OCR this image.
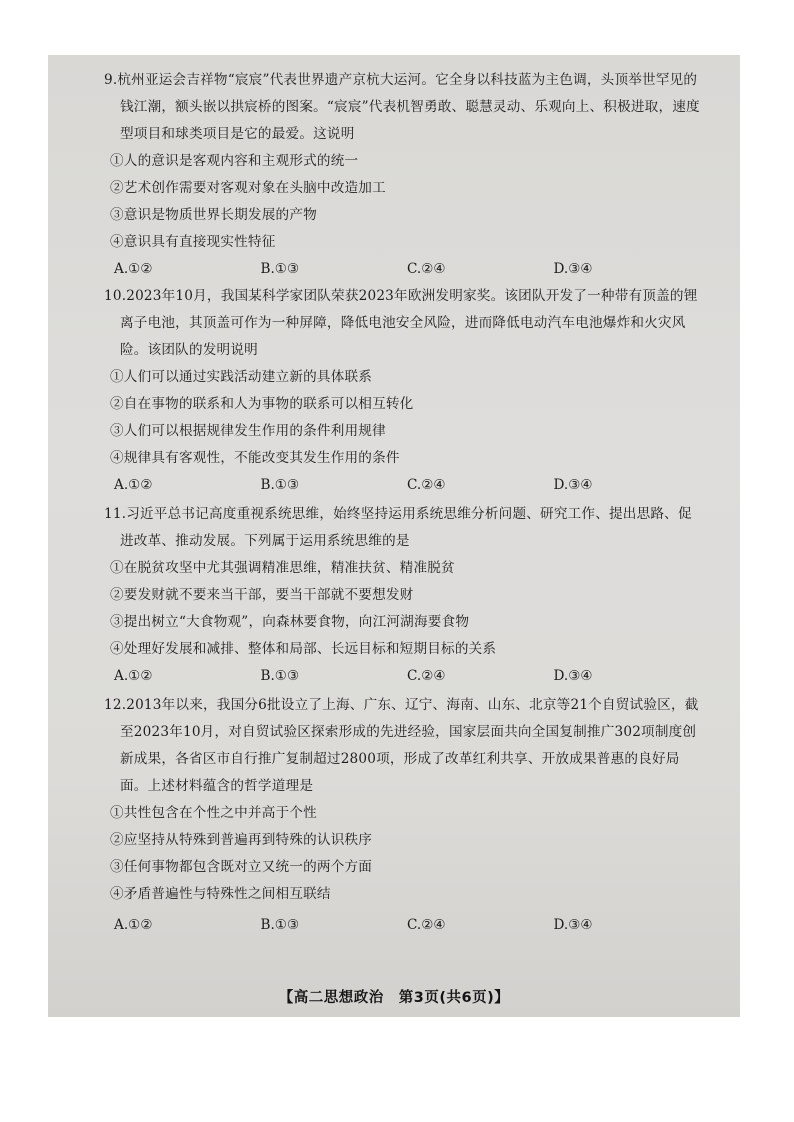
9.杭州亚运会吉祥物“宸宸”代表世界遗产京杭大运河。它全身以科技蓝为主色调，头顶举世罕见的钱江潮，额头嵌以拱宸桥的图案。“宸宸”代表机智勇敢、聪慧灵动、乐观向上、积极进取，速度型项目和球类项目是它的最爱。这说明

①人的意识是客观内容和主观形式的统一

②艺术创作需要对客观对象在头脑中改造加工

③意识是物质世界长期发展的产物

④意识具有直接现实性特征

A.①②	B.①③	C.②④	D.③④

10.2023年10月，我国某科学家团队荣获2023年欧洲发明家奖。该团队开发了一种带有顶盖的锂离子电池，其顶盖可作为一种屏障，降低电池安全风险，进而降低电动汽车电池爆炸和火灾风险。该团队的发明说明

①人们可以通过实践活动建立新的具体联系

②自在事物的联系和人为事物的联系可以相互转化

③人们可以根据规律发生作用的条件利用规律

④规律具有客观性，不能改变其发生作用的条件

A.①②	B.①③	C.②④	D.③④

11.习近平总书记高度重视系统思维，始终坚持运用系统思维分析问题、研究工作、提出思路、促进改革、推动发展。下列属于运用系统思维的是

①在脱贫攻坚中尤其强调精准思维，精准扶贫、精准脱贫

②要发财就不要来当干部，要当干部就不要想发财

③提出树立“大食物观”，向森林要食物，向江河湖海要食物

④处理好发展和减排、整体和局部、长远目标和短期目标的关系

A.①②	B.①③	C.②④	D.③④

12.2013年以来，我国分6批设立了上海、广东、辽宁、海南、山东、北京等21个自贸试验区，截至2023年10月，对自贸试验区探索形成的先进经验，国家层面共向全国复制推广302项制度创新成果，各省区市自行推广复制超过2800项，形成了改革红利共享、开放成果普惠的良好局面。上述材料蕴含的哲学道理是

①共性包含在个性之中并高于个性

②应坚持从特殊到普遍再到特殊的认识秩序

③任何事物都包含既对立又统一的两个方面

④矛盾普遍性与特殊性之间相互联结

A.①②	B.①③	C.②④	D.③④
【高二思想政治　第3页(共6页)】
